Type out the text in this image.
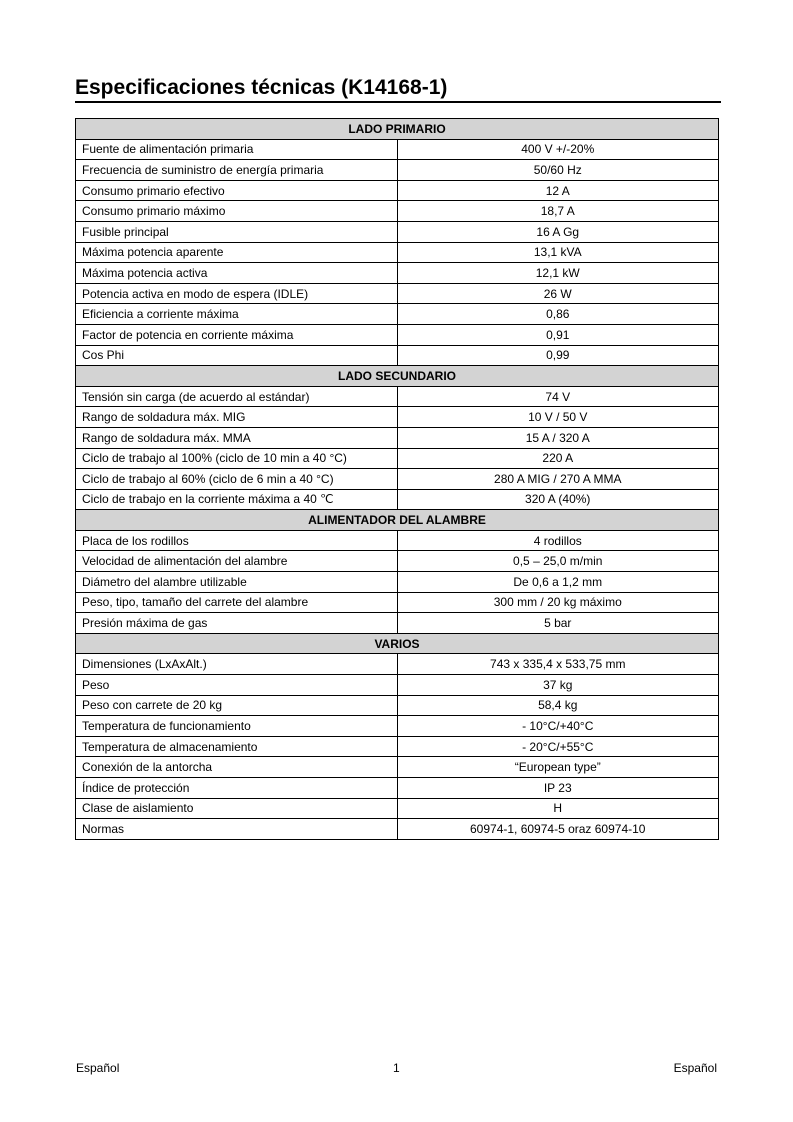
Especificaciones técnicas (K14168-1)
LADO PRIMARIO	
Fuente de alimentación primaria	400 V +/-20%
Frecuencia de suministro de energía primaria	50/60 Hz
Consumo primario efectivo	12 A
Consumo primario máximo	18,7 A
Fusible principal	16 A Gg
Máxima potencia aparente	13,1 kVA
Máxima potencia activa	12,1 kW
Potencia activa en modo de espera (IDLE)	26 W
Eficiencia a corriente máxima	0,86
Factor de potencia en corriente máxima	0,91
Cos Phi	0,99
LADO SECUNDARIO	
Tensión sin carga (de acuerdo al estándar)	74 V
Rango de soldadura máx. MIG	10 V / 50 V
Rango de soldadura máx. MMA	15 A / 320 A
Ciclo de trabajo al 100% (ciclo de 10 min a 40 °C)	220 A
Ciclo de trabajo al 60% (ciclo de 6 min a 40 °C)	280 A MIG / 270 A MMA
Ciclo de trabajo en la corriente máxima a 40 ℃	320 A (40%)
ALIMENTADOR DEL ALAMBRE	
Placa de los rodillos	4 rodillos
Velocidad de alimentación del alambre	0,5 – 25,0 m/min
Diámetro del alambre utilizable	De 0,6 a 1,2 mm
Peso, tipo, tamaño del carrete del alambre	300 mm / 20 kg máximo
Presión máxima de gas	5 bar
VARIOS	
Dimensiones (LxAxAlt.)	743 x 335,4 x 533,75 mm
Peso	37 kg
Peso con carrete de 20 kg	58,4 kg
Temperatura de funcionamiento	- 10°C/+40°C
Temperatura de almacenamiento	- 20°C/+55°C
Conexión de la antorcha	“European type”
Índice de protección	IP 23
Clase de aislamiento	H
Normas	60974-1, 60974-5 oraz 60974-10
Español	1	Español
